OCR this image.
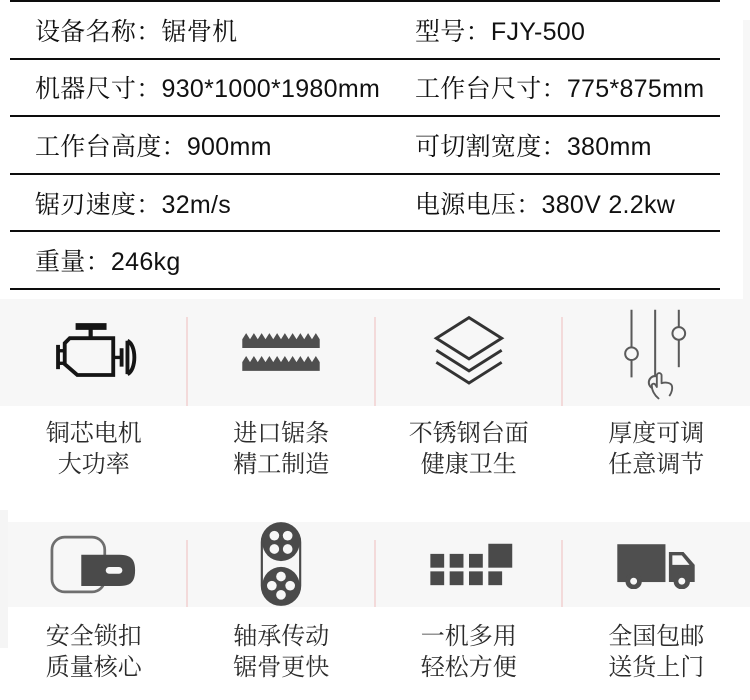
设备名称 ： 锯骨机	型号 ： FJY-500
机器尺寸 ： 930*1000*1980mm 工作台尺寸 ： 775*875mm
工作台高度 ： 900mm	可切割宽度 ： 380mm
锯刃速度 ： 32m/s	电源电压 ： 380V 2.2kw
重量 ： 246kg
铜芯电机
大功率
进口锯条
精工制造
不锈钢台面
健康卫生
厚度可调
任意调节
安全锁扣
质量核心
轴承传动
锯骨更快
一机多用
轻松方便
全国包邮
送货上门
